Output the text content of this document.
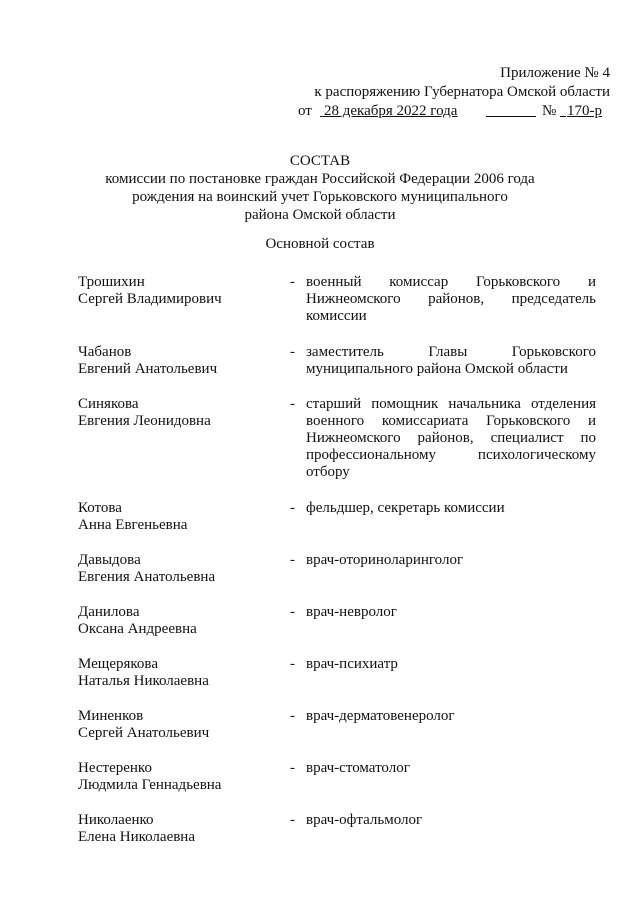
Приложение № 4
к распоряжению Губернатора Омской области
от 28 декабря 2022 года	№ 170-р
СОСТАВ
комиссии по постановке граждан Российской Федерации 2006 года
рождения на воинский учет Горьковского муниципального
района Омской области
Основной состав
Трошихин
Сергей Владимирович
- военный комиссар Горьковского и Нижнеомского районов, председатель комиссии
Чабанов
Евгений Анатольевич
- заместитель Главы Горьковского муниципального района Омской области
Синякова
Евгения Леонидовна
- старший помощник начальника отделения военного комиссариата Горьковского и Нижнеомского районов, специалист по профессиональному психологическому отбору
Котова
Анна Евгеньевна
- фельдшер, секретарь комиссии
Давыдова
Евгения Анатольевна
- врач-оториноларинголог
Данилова
Оксана Андреевна
- врач-невролог
Мещерякова
Наталья Николаевна
- врач-психиатр
Миненков
Сергей Анатольевич
- врач-дерматовенеролог
Нестеренко
Людмила Геннадьевна
- врач-стоматолог
Николаенко
Елена Николаевна
- врач-офтальмолог
